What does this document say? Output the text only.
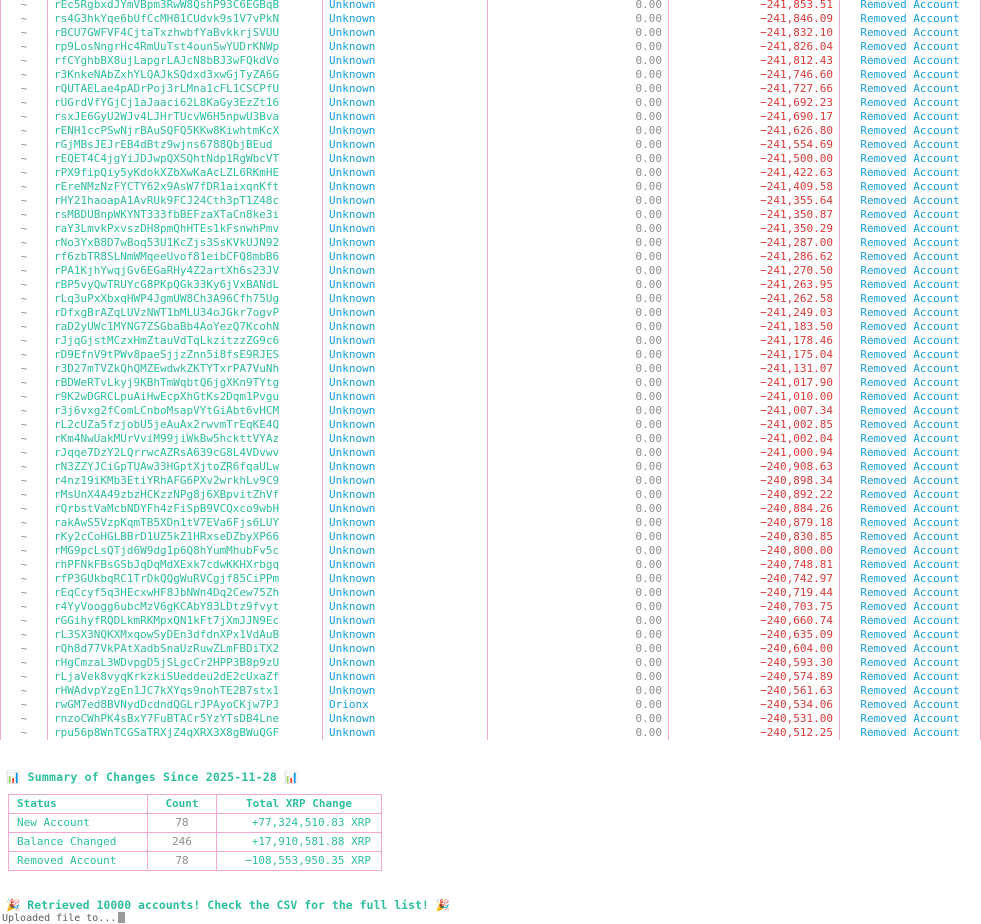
~	rEc5RgbxdJYmVBpm3RwW8QshP93C6EGBqB	Unknown	0.00	−241,853.51	Removed Account
~	rs4G3hkYqe6bUfCcMH81CUdvk9s1V7vPkN	Unknown	0.00	−241,846.09	Removed Account
~	rBCU7GWFVF4CjtaTxzhwbfYaBvkkrjSVUU	Unknown	0.00	−241,832.10	Removed Account
~	rp9LosNngrHc4RmUuTst4ounSwYUDrKNWp	Unknown	0.00	−241,826.04	Removed Account
~	rfCYghbBX8ujLapgrLAJcN8bBJ3wFQkdVo	Unknown	0.00	−241,812.43	Removed Account
~	r3KnkeNAbZxhYLQAJkSQdxd3xwGjTyZA6G	Unknown	0.00	−241,746.60	Removed Account
~	rQUTAELae4pADrPoj3rLMna1cFL1CSCPfU	Unknown	0.00	−241,727.66	Removed Account
~	rUGrdVfYGjCj1aJaaci62L8KaGy3EzZt16	Unknown	0.00	−241,692.23	Removed Account
~	rsxJE6GyU2WJv4LJHrTUcvW6H5npwU3Bva	Unknown	0.00	−241,690.17	Removed Account
~	rENH1ccPSwNjrBAuSQFQ5KKw8KiwhtmKcX	Unknown	0.00	−241,626.80	Removed Account
~	rGjMBsJEJrEB4dBtz9wjns6788QbjBEud	Unknown	0.00	−241,554.69	Removed Account
~	rEQET4C4jgYiJDJwpQXSQhtNdp1RgWbcVT	Unknown	0.00	−241,500.00	Removed Account
~	rPX9fipQiy5yKdokXZbXwKaAcLZL6RKmHE	Unknown	0.00	−241,422.63	Removed Account
~	rEreNMzNzFYCTY62x9AsW7fDR1aixqnKft	Unknown	0.00	−241,409.58	Removed Account
~	rHY21haoapA1AvRUk9FCJ24Cth3pT1Z48c	Unknown	0.00	−241,355.64	Removed Account
~	rsMBDUBnpWKYNT333fbBEFzaXTaCn8ke3i	Unknown	0.00	−241,350.87	Removed Account
~	raY3LmvkPxvszDH8pmQhHTEs1kFsnwhPmv	Unknown	0.00	−241,350.29	Removed Account
~	rNo3YxB8D7wBoq53U1KcZjs3SsKVkUJN92	Unknown	0.00	−241,287.00	Removed Account
~	rf6zbTR8SLNmWMqeeUvof81eibCFQ8mbB6	Unknown	0.00	−241,286.62	Removed Account
~	rPA1KjhYwqjGv6EGaRHy4Z2artXh6s23JV	Unknown	0.00	−241,270.50	Removed Account
~	rBP5vyQwTRUYcG8PKpQGk33Ky6jVxBANdL	Unknown	0.00	−241,263.95	Removed Account
~	rLq3uPxXbxqHWP4JgmUW8Ch3A96Cfh75Ug	Unknown	0.00	−241,262.58	Removed Account
~	rDfxgBrAZqLUVzNWT1bMLU34oJGkr7ogvP	Unknown	0.00	−241,249.03	Removed Account
~	raD2yUWc1MYNG7ZSGbaBb4AoYezQ7KcohN	Unknown	0.00	−241,183.50	Removed Account
~	rJjqGjstMCzxHmZtauVdTqLkzitzzZG9c6	Unknown	0.00	−241,178.46	Removed Account
~	rD9EfnV9tPWv8paeSjjzZnn5i8fsE9RJES	Unknown	0.00	−241,175.04	Removed Account
~	r3D27mTVZkQhQMZEwdwkZKTYTxrPA7VuNh	Unknown	0.00	−241,131.07	Removed Account
~	rBDWeRTvLkyj9KBhTmWqbtQ6jgXKn9TYtg	Unknown	0.00	−241,017.90	Removed Account
~	r9K2wDGRCLpuAiHwEcpXhGtKs2Dqm1Pvgu	Unknown	0.00	−241,010.00	Removed Account
~	r3j6vxg2fComLCnboMsapVYtGiAbt6vHCM	Unknown	0.00	−241,007.34	Removed Account
~	rL2cUZa5fzjobU5jeAuAx2rwvmTrEqKE4Q	Unknown	0.00	−241,002.85	Removed Account
~	rKm4NwUakMUrVviM99jiWkBw5hckttVYAz	Unknown	0.00	−241,002.04	Removed Account
~	rJqqe7DzY2LQrrwcAZRsA639cG8L4VDvwv	Unknown	0.00	−241,000.94	Removed Account
~	rN3ZZYJCiGpTUAw33HGptXjtoZR6fqaULw	Unknown	0.00	−240,908.63	Removed Account
~	r4nz19iKMb3EtiYRhAFG6PXv2wrkhLv9C9	Unknown	0.00	−240,898.34	Removed Account
~	rMsUnX4A49zbzHCKzzNPg8j6XBpvitZhVf	Unknown	0.00	−240,892.22	Removed Account
~	rQrbstVaMcbNDYFh4zFiSpB9VCQxco9wbH	Unknown	0.00	−240,884.26	Removed Account
~	rakAwS5VzpKqmTB5XDn1tV7EVa6Fjs6LUY	Unknown	0.00	−240,879.18	Removed Account
~	rKy2cCoHGLBBrD1UZ5kZ1HRxseDZbyXP66	Unknown	0.00	−240,830.85	Removed Account
~	rMG9pcLsQTjd6W9dg1p6Q8hYumMhubFv5c	Unknown	0.00	−240,800.00	Removed Account
~	rhPFNkFBsGSbJqDqMdXExk7cdwKKHXrbgq	Unknown	0.00	−240,748.81	Removed Account
~	rfP3GUkbqRC1TrDkQQgWuRVCgjf85CiPPm	Unknown	0.00	−240,742.97	Removed Account
~	rEqCcyf5q3HEcxwHF8JbNWn4Dq2Cew75Zh	Unknown	0.00	−240,719.44	Removed Account
~	r4YyVoogg6ubcMzV6gKCAbY83LDtz9fvyt	Unknown	0.00	−240,703.75	Removed Account
~	rGGihyfRQDLkmRKMpxQN1kFt7jXmJJN9Ec	Unknown	0.00	−240,660.74	Removed Account
~	rL3SX3NQKXMxqowSyDEn3dfdnXPx1VdAuB	Unknown	0.00	−240,635.09	Removed Account
~	rQh8d77VkPAtXadbSnaUzRuwZLmFBDiTX2	Unknown	0.00	−240,604.00	Removed Account
~	rHgCmzaL3WDvpgD5jSLgcCr2HPP3B8p9zU	Unknown	0.00	−240,593.30	Removed Account
~	rLjaVek8vyqKrkzkiSUeddeu2dE2cUxaZf	Unknown	0.00	−240,574.89	Removed Account
~	rHWAdvpYzgEn1JC7kXYqs9nohTE2B7stx1	Unknown	0.00	−240,561.63	Removed Account
~	rwGM7ed8BVNydDcdndQGLrJPAyoCKjw7PJ	Orionx	0.00	−240,534.06	Removed Account
~	rnzoCWhPK4sBxY7FuBTACr5YzYTsDB4Lne	Unknown	0.00	−240,531.00	Removed Account
~	rpu56p8WnTCGSaTRXjZ4qXRX3X8gBWuQGF	Unknown	0.00	−240,512.25	Removed Account
📊 Summary of Changes Since 2025-11-28 📊
Status	Count	Total XRP Change
New Account	78	+77,324,510.83 XRP
Balance Changed	246	+17,910,581.88 XRP
Removed Account	78	−108,553,950.35 XRP
🎉 Retrieved 10000 accounts! Check the CSV for the full list! 🎉
Uploaded file to...
